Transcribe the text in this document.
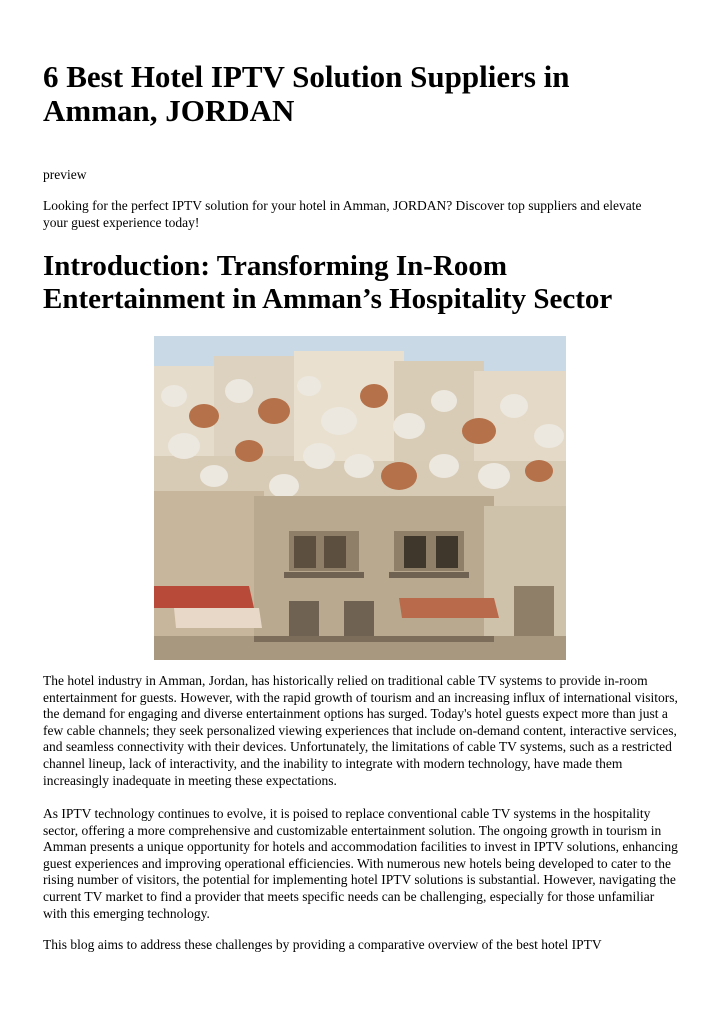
6 Best Hotel IPTV Solution Suppliers in Amman, JORDAN

preview

Looking for the perfect IPTV solution for your hotel in Amman, JORDAN? Discover top suppliers and elevate your guest experience today!

Introduction: Transforming In-Room Entertainment in Amman’s Hospitality Sector

The hotel industry in Amman, Jordan, has historically relied on traditional cable TV systems to provide in-room entertainment for guests. However, with the rapid growth of tourism and an increasing influx of international visitors, the demand for engaging and diverse entertainment options has surged. Today's hotel guests expect more than just a few cable channels; they seek personalized viewing experiences that include on-demand content, interactive services, and seamless connectivity with their devices. Unfortunately, the limitations of cable TV systems, such as a restricted channel lineup, lack of interactivity, and the inability to integrate with modern technology, have made them increasingly inadequate in meeting these expectations.

As IPTV technology continues to evolve, it is poised to replace conventional cable TV systems in the hospitality sector, offering a more comprehensive and customizable entertainment solution. The ongoing growth in tourism in Amman presents a unique opportunity for hotels and accommodation facilities to invest in IPTV solutions, enhancing guest experiences and improving operational efficiencies. With numerous new hotels being developed to cater to the rising number of visitors, the potential for implementing hotel IPTV solutions is substantial. However, navigating the current TV market to find a provider that meets specific needs can be challenging, especially for those unfamiliar with this emerging technology.

This blog aims to address these challenges by providing a comparative overview of the best hotel IPTV
